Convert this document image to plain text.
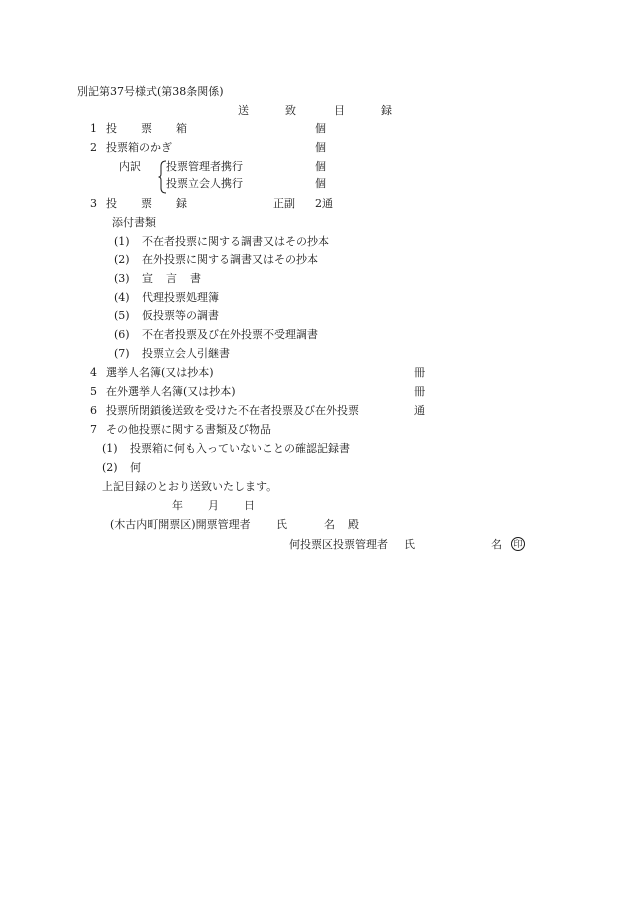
別記第37号様式(第38条関係)
送	致	目	録
1 投 票 箱	個
2 投票箱のかぎ	個
内訳 投票管理者携行	個
投票立会人携行	個
3 投 票 録	正副 2通
添付書類
(1) 不在者投票に関する調書又はその抄本
(2) 在外投票に関する調書又はその抄本
(3) 宣 言 書
(4) 代理投票処理簿
(5) 仮投票等の調書
(6) 不在者投票及び在外投票不受理調書
(7) 投票立会人引継書
4 選挙人名簿(又は抄本)	冊
5 在外選挙人名簿(又は抄本)	冊
6 投票所閉鎖後送致を受けた不在者投票及び在外投票	通
7 その他投票に関する書類及び物品
(1) 投票箱に何も入っていないことの確認記録書
(2) 何
上記目録のとおり送致いたします。
年 月 日
(木古内町開票区)開票管理者 氏	名 殿
何投票区投票管理者 氏	名 印
